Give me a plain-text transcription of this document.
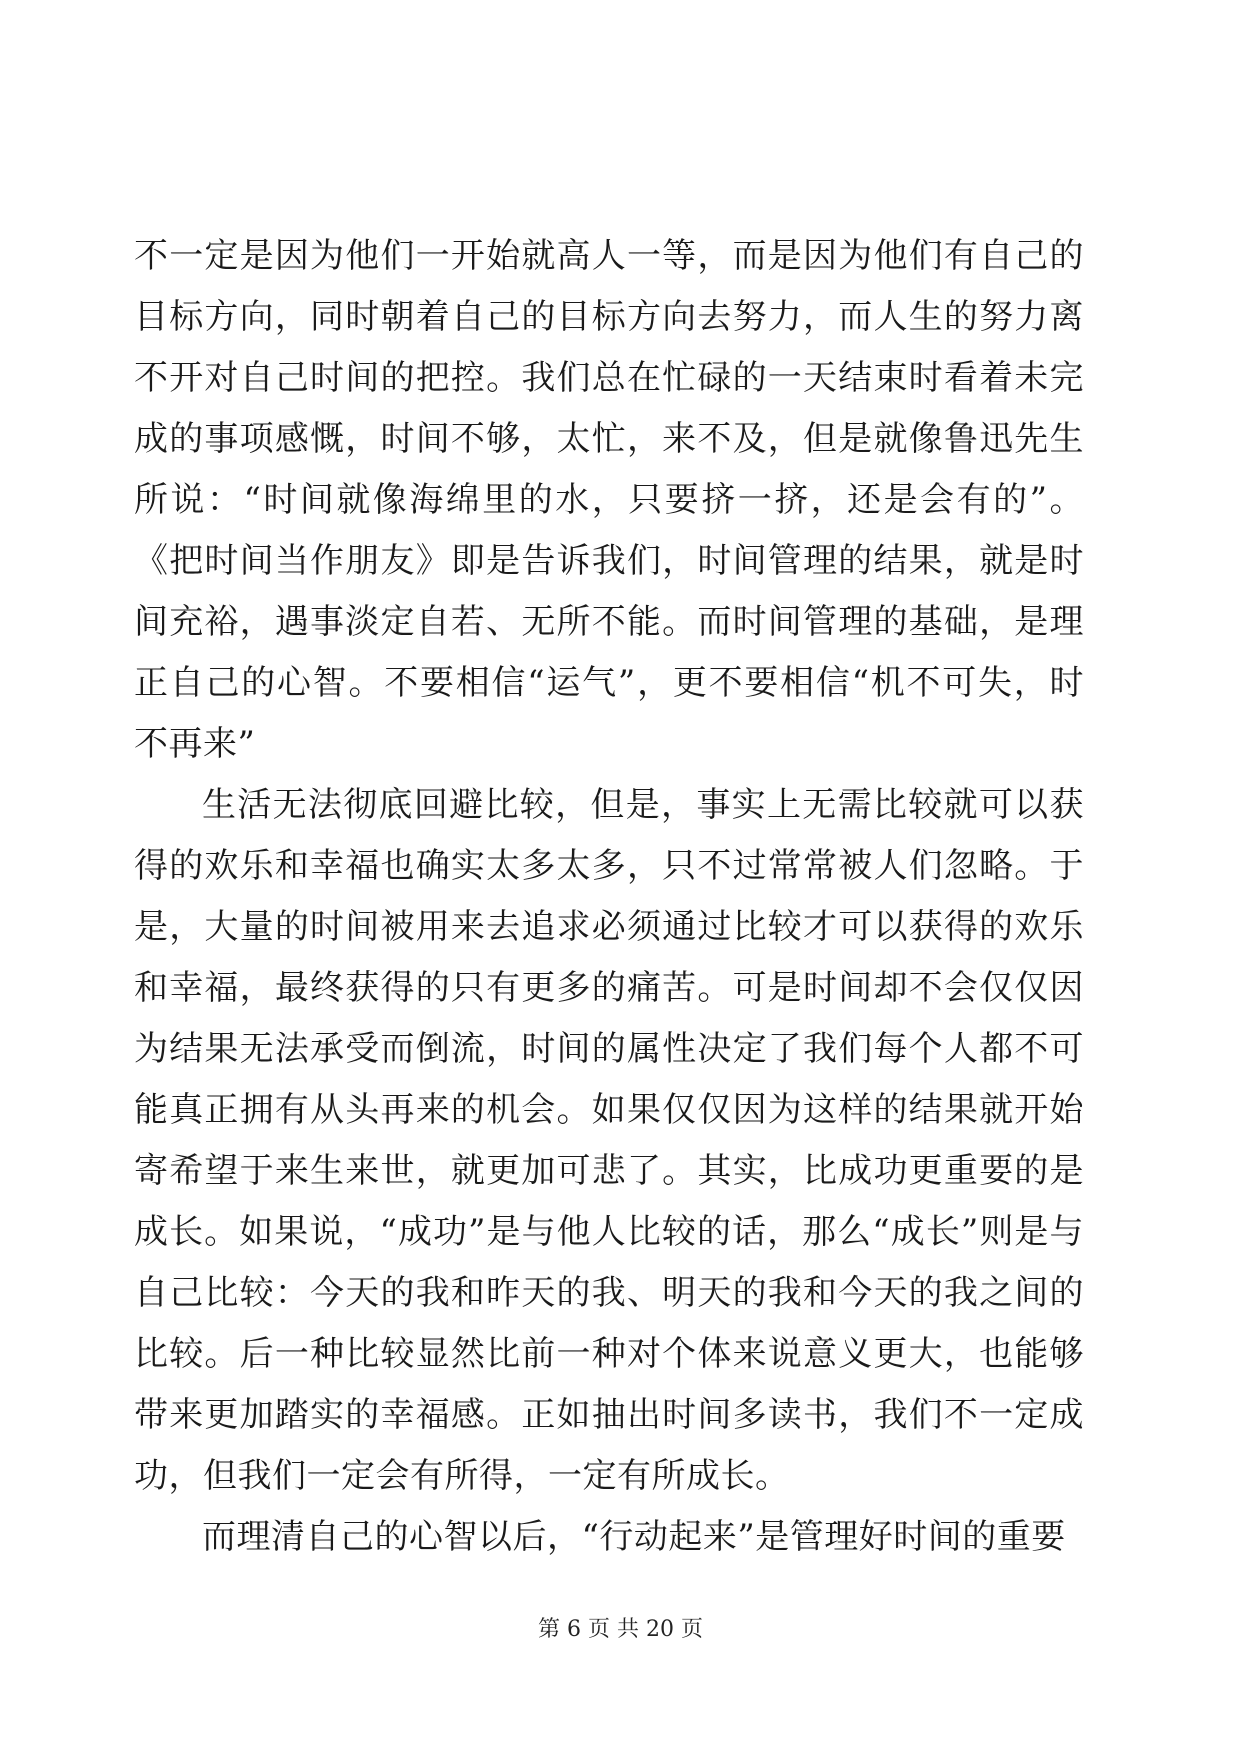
不一定是因为他们一开始就高人一等，而是因为他们有自己的目标方向，同时朝着自己的目标方向去努力，而人生的努力离不开对自己时间的把控。我们总在忙碌的一天结束时看着未完成的事项感慨，时间不够，太忙，来不及，但是就像鲁迅先生所说：“时间就像海绵里的水，只要挤一挤，还是会有的”。《把时间当作朋友》即是告诉我们，时间管理的结果，就是时间充裕，遇事淡定自若、无所不能。而时间管理的基础，是理正自己的心智。不要相信“运气”，更不要相信“机不可失，时不再来”

生活无法彻底回避比较，但是，事实上无需比较就可以获得的欢乐和幸福也确实太多太多，只不过常常被人们忽略。于是，大量的时间被用来去追求必须通过比较才可以获得的欢乐和幸福，最终获得的只有更多的痛苦。可是时间却不会仅仅因为结果无法承受而倒流，时间的属性决定了我们每个人都不可能真正拥有从头再来的机会。如果仅仅因为这样的结果就开始寄希望于来生来世，就更加可悲了。其实，比成功更重要的是成长。如果说，“成功”是与他人比较的话，那么“成长”则是与自己比较：今天的我和昨天的我、明天的我和今天的我之间的比较。后一种比较显然比前一种对个体来说意义更大，也能够带来更加踏实的幸福感。正如抽出时间多读书，我们不一定成功，但我们一定会有所得，一定有所成长。

而理清自己的心智以后，“行动起来”是管理好时间的重要

第 6 页 共 20 页
